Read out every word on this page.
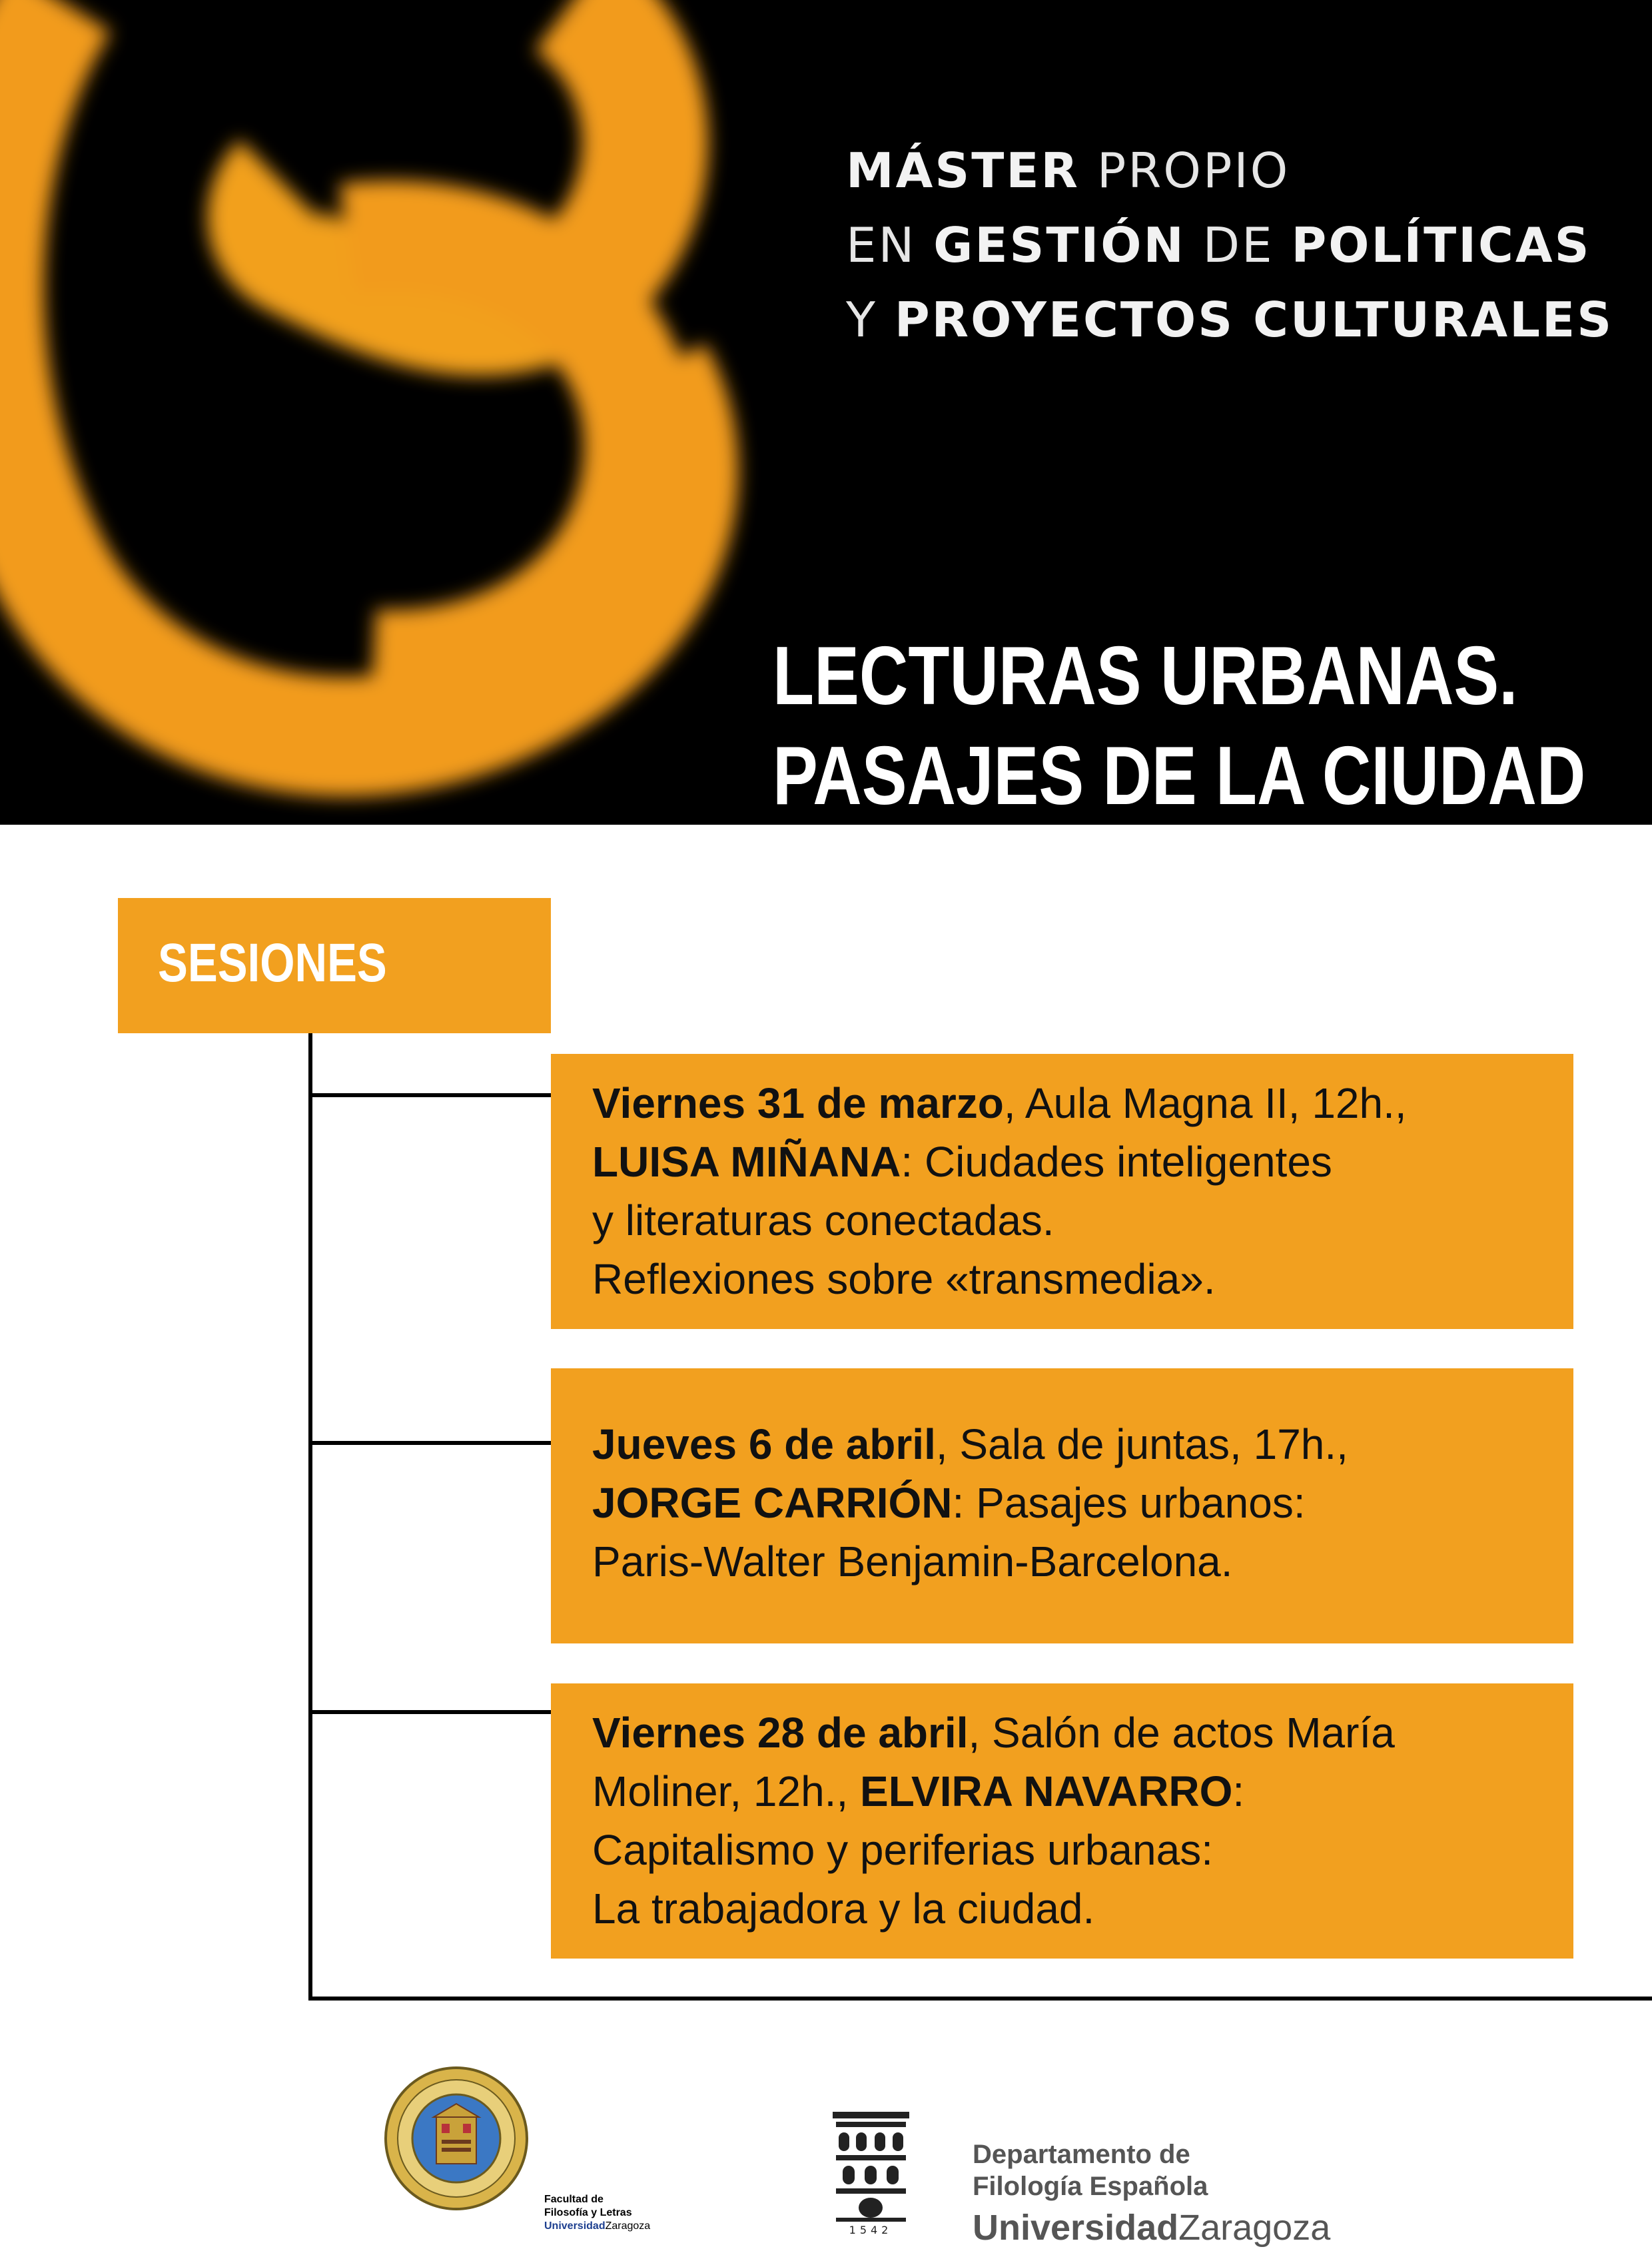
MÁSTER PROPIO
EN GESTIÓN DE POLÍTICAS
Y PROYECTOS CULTURALES
LECTURAS URBANAS.
PASAJES DE LA CIUDAD
SESIONES
Viernes 31 de marzo, Aula Magna II, 12h.,
LUISA MIÑANA: Ciudades inteligentes
y literaturas conectadas.
Reflexiones sobre «transmedia».
Jueves 6 de abril, Sala de juntas, 17h.,
JORGE CARRIÓN: Pasajes urbanos:
Paris-Walter Benjamin-Barcelona.
Viernes 28 de abril, Salón de actos María
Moliner, 12h., ELVIRA NAVARRO:
Capitalismo y periferias urbanas:
La trabajadora y la ciudad.
Facultad de
Filosofía y Letras
UniversidadZaragoza	1542
Departamento de
Filología Española
UniversidadZaragoza
